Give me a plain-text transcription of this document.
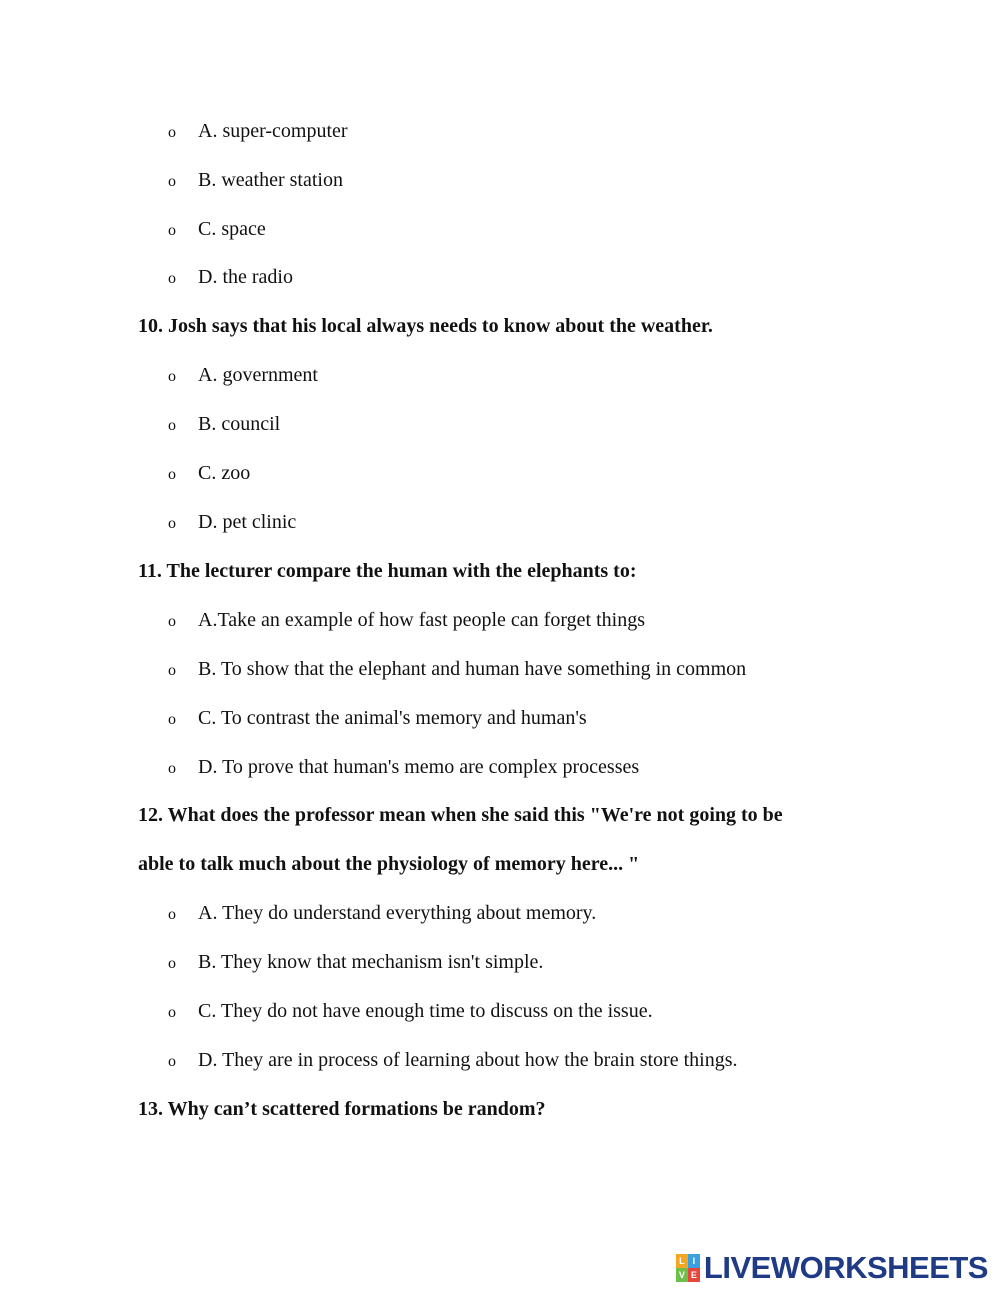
o A. super-computer
o B. weather station
o C. space
o D. the radio
10. Josh says that his local always needs to know about the weather.
o A. government
o B. council
o C. zoo
o D. pet clinic
11. The lecturer compare the human with the elephants to:
o A.Take an example of how fast people can forget things
o B. To show that the elephant and human have something in common
o C. To contrast the animal's memory and human's
o D. To prove that human's memo are complex processes
12. What does the professor mean when she said this "We're not going to be
able to talk much about the physiology of memory here... "
o A. They do understand everything about memory.
o B. They know that mechanism isn't simple.
o C. They do not have enough time to discuss on the issue.
o D. They are in process of learning about how the brain store things.
13. Why can’t scattered formations be random?
L I
V E LIVEWORKSHEETS
